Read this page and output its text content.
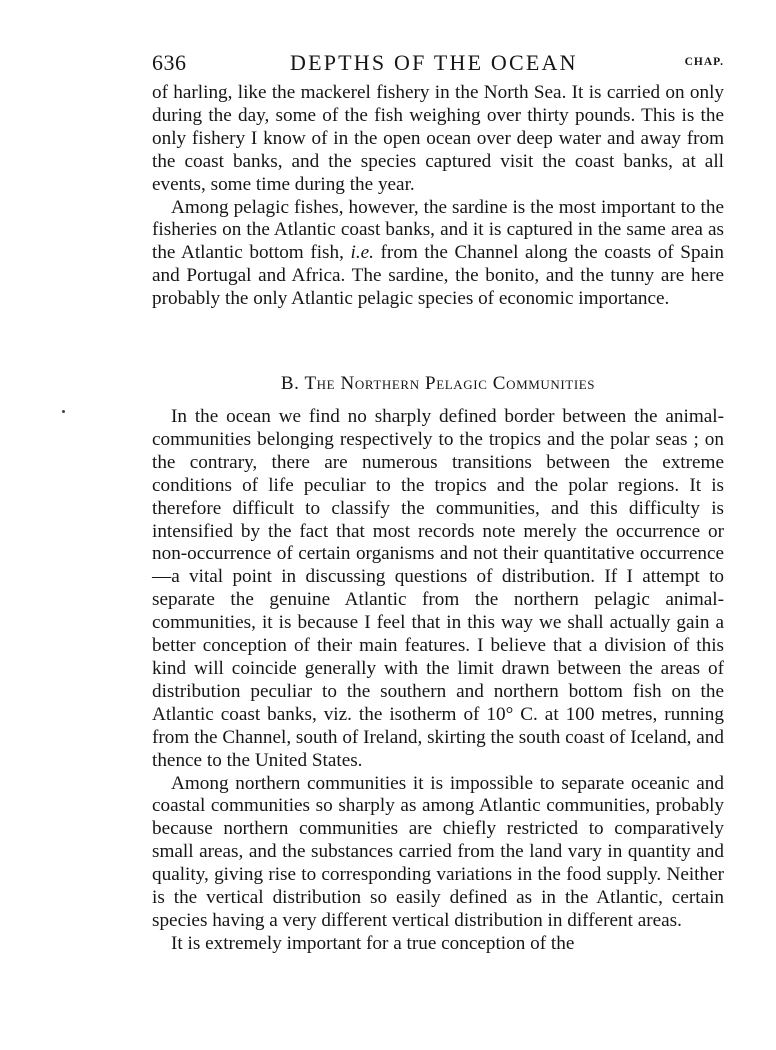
636	DEPTHS OF THE OCEAN	CHAP.

of harling, like the mackerel fishery in the North Sea. It is carried on only during the day, some of the fish weighing over thirty pounds. This is the only fishery I know of in the open ocean over deep water and away from the coast banks, and the species captured visit the coast banks, at all events, some time during the year.

Among pelagic fishes, however, the sardine is the most important to the fisheries on the Atlantic coast banks, and it is captured in the same area as the Atlantic bottom fish, i.e. from the Channel along the coasts of Spain and Portugal and Africa. The sardine, the bonito, and the tunny are here probably the only Atlantic pelagic species of economic importance.

B. The Northern Pelagic Communities

In the ocean we find no sharply defined border between the animal-communities belonging respectively to the tropics and the polar seas ; on the contrary, there are numerous transitions between the extreme conditions of life peculiar to the tropics and the polar regions. It is therefore difficult to classify the communities, and this difficulty is intensified by the fact that most records note merely the occurrence or non-occurrence of certain organisms and not their quantitative occurrence—a vital point in discussing questions of distribution. If I attempt to separate the genuine Atlantic from the northern pelagic animal-communities, it is because I feel that in this way we shall actually gain a better conception of their main features. I believe that a division of this kind will coincide generally with the limit drawn between the areas of distribution peculiar to the southern and northern bottom fish on the Atlantic coast banks, viz. the isotherm of 10° C. at 100 metres, running from the Channel, south of Ireland, skirting the south coast of Iceland, and thence to the United States.

Among northern communities it is impossible to separate oceanic and coastal communities so sharply as among Atlantic communities, probably because northern communities are chiefly restricted to comparatively small areas, and the substances carried from the land vary in quantity and quality, giving rise to corresponding variations in the food supply. Neither is the vertical distribution so easily defined as in the Atlantic, certain species having a very different vertical distribution in different areas.

It is extremely important for a true conception of the
